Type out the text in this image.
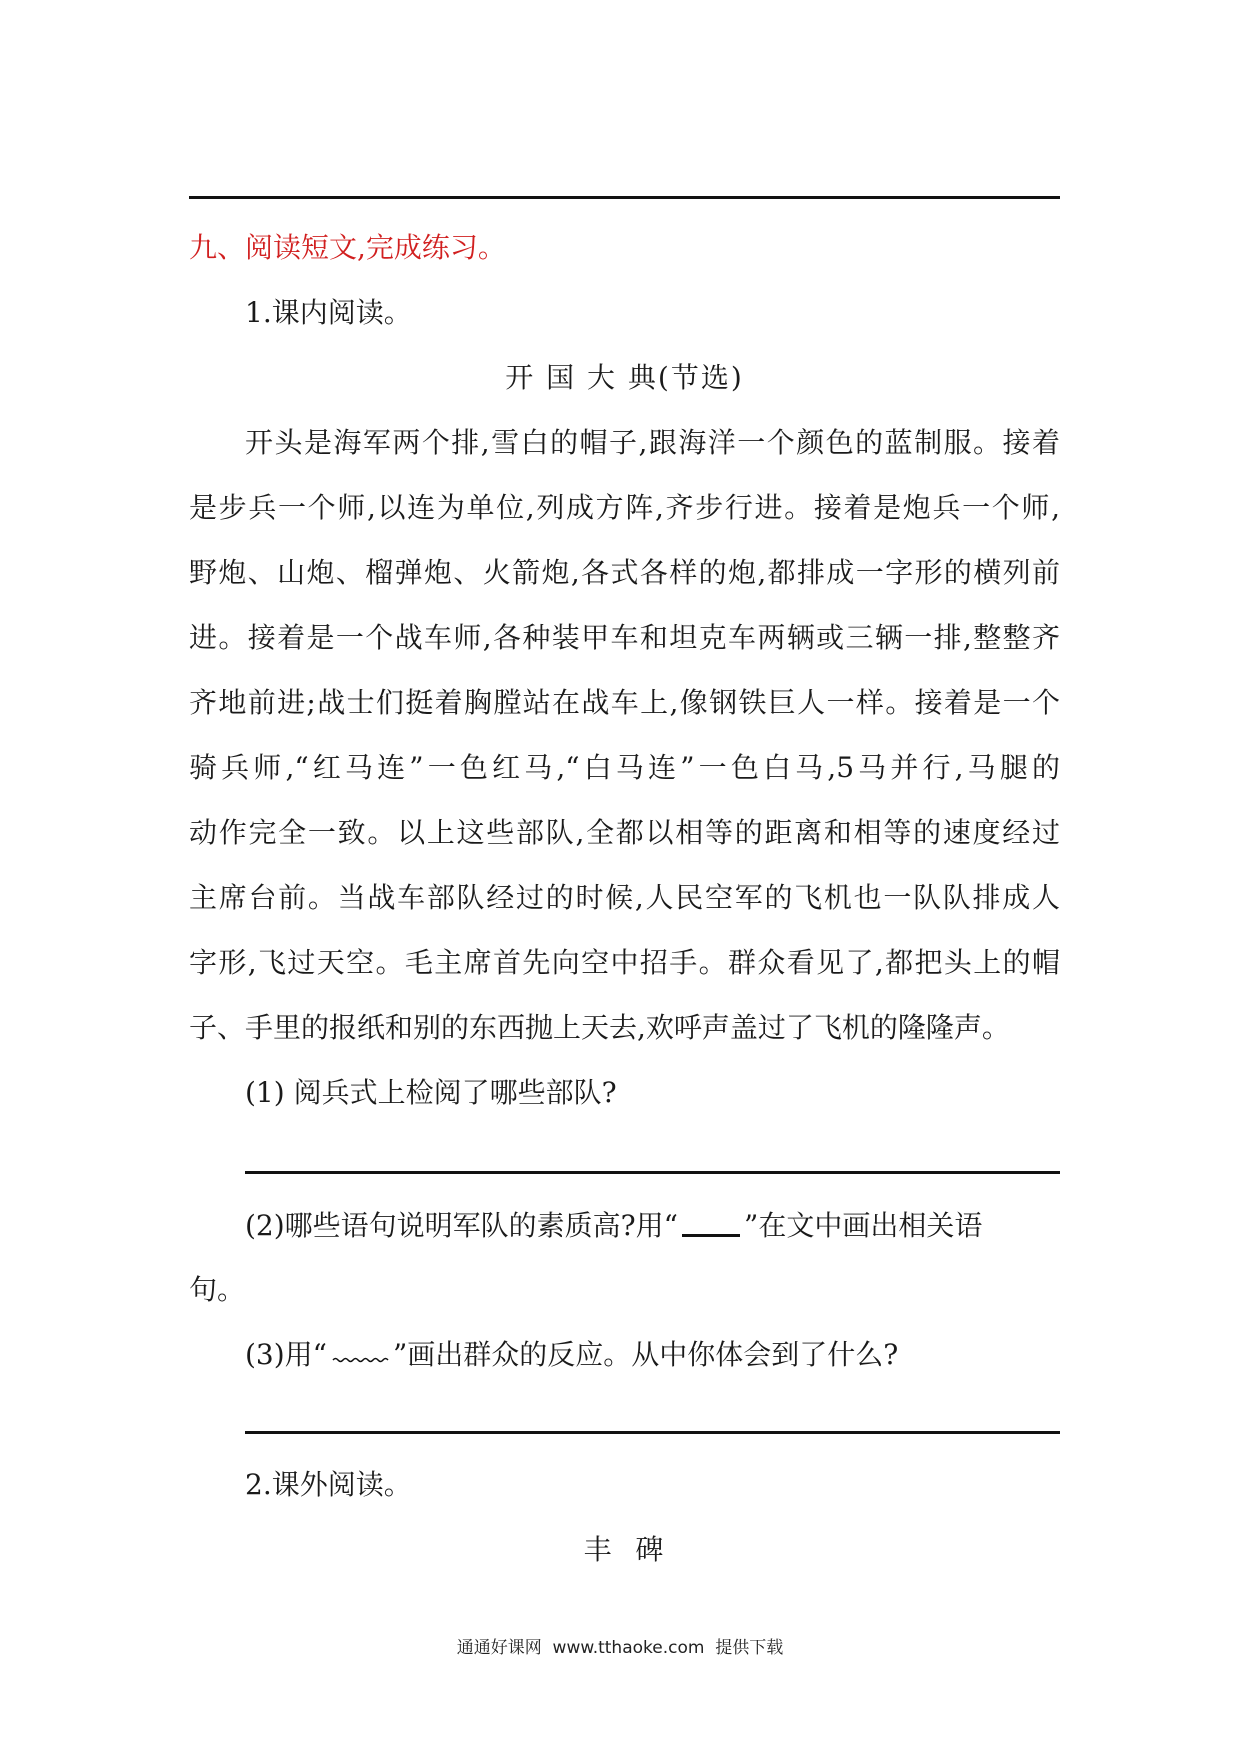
九、阅读短文,完成练习。
1.课内阅读。
开 国 大 典(节选)
开头是海军两个排,雪白的帽子,跟海洋一个颜色的蓝制服。接着
是步兵一个师,以连为单位,列成方阵,齐步行进。接着是炮兵一个师,
野炮、山炮、榴弹炮、火箭炮,各式各样的炮,都排成一字形的横列前
进。接着是一个战车师,各种装甲车和坦克车两辆或三辆一排,整整齐
齐地前进;战士们挺着胸膛站在战车上,像钢铁巨人一样。接着是一个
骑兵师,“红马连”一色红马,“白马连”一色白马,5马并行,马腿的
动作完全一致。以上这些部队,全都以相等的距离和相等的速度经过
主席台前。当战车部队经过的时候,人民空军的飞机也一队队排成人
字形,飞过天空。毛主席首先向空中招手。群众看见了,都把头上的帽
子、手里的报纸和别的东西抛上天去,欢呼声盖过了飞机的隆隆声。
(1) 阅兵式上检阅了哪些部队?
(2)哪些语句说明军队的素质高?用“ ”在文中画出相关语
句。
(3)用“ ”画出群众的反应。从中你体会到了什么?
2.课外阅读。
丰  碑
通通好课网  www.tthaoke.com  提供下载
